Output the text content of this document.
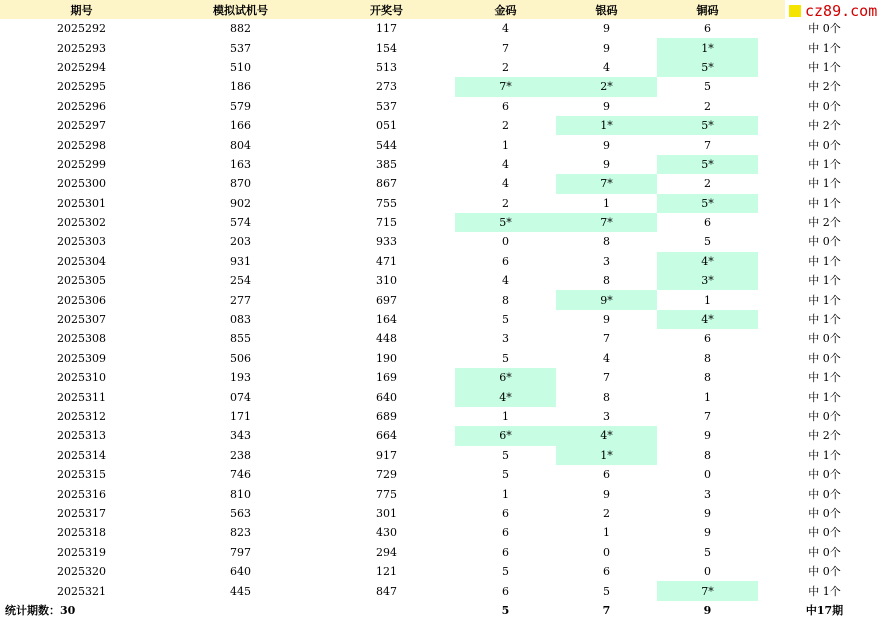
期号	模拟试机号	开奖号	金码	银码	铜码	
2025292	882	117	4	9	6	中 0个
2025293	537	154	7	9	1*	中 1个
2025294	510	513	2	4	5*	中 1个
2025295	186	273	7*	2*	5	中 2个
2025296	579	537	6	9	2	中 0个
2025297	166	051	2	1*	5*	中 2个
2025298	804	544	1	9	7	中 0个
2025299	163	385	4	9	5*	中 1个
2025300	870	867	4	7*	2	中 1个
2025301	902	755	2	1	5*	中 1个
2025302	574	715	5*	7*	6	中 2个
2025303	203	933	0	8	5	中 0个
2025304	931	471	6	3	4*	中 1个
2025305	254	310	4	8	3*	中 1个
2025306	277	697	8	9*	1	中 1个
2025307	083	164	5	9	4*	中 1个
2025308	855	448	3	7	6	中 0个
2025309	506	190	5	4	8	中 0个
2025310	193	169	6*	7	8	中 1个
2025311	074	640	4*	8	1	中 1个
2025312	171	689	1	3	7	中 0个
2025313	343	664	6*	4*	9	中 2个
2025314	238	917	5	1*	8	中 1个
2025315	746	729	5	6	0	中 0个
2025316	810	775	1	9	3	中 0个
2025317	563	301	6	2	9	中 0个
2025318	823	430	6	1	9	中 0个
2025319	797	294	6	0	5	中 0个
2025320	640	121	5	6	0	中 0个
2025321	445	847	6	5	7*	中 1个
统计期数：30			5	7	9	中17期
cz89.com
